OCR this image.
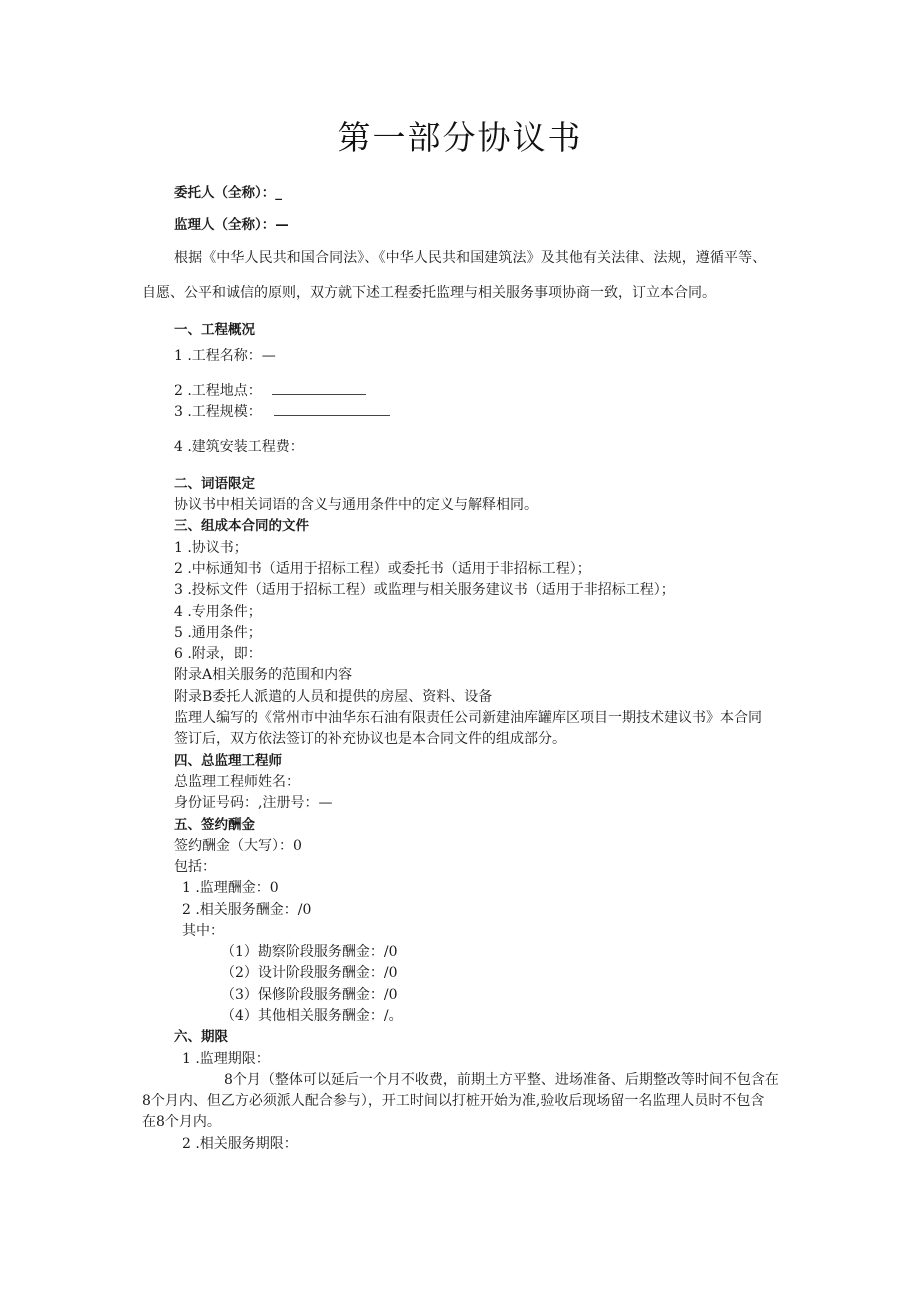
第一部分协议书
委托人（全称）：_
监理人（全称）：—
根据《中华人民共和国合同法》、《中华人民共和国建筑法》及其他有关法律、法规，遵循平等、
自愿、公平和诚信的原则，双方就下述工程委托监理与相关服务事项协商一致，订立本合同。
一、工程概况
1 .工程名称：—
2 .工程地点：
3 .工程规模：
4 .建筑安装工程费：
二、词语限定
协议书中相关词语的含义与通用条件中的定义与解释相同。
三、组成本合同的文件
1 .协议书；
2 .中标通知书（适用于招标工程）或委托书（适用于非招标工程）；
3 .投标文件（适用于招标工程）或监理与相关服务建议书（适用于非招标工程）；
4 .专用条件；
5 .通用条件；
6 .附录，即：
附录A相关服务的范围和内容
附录B委托人派遣的人员和提供的房屋、资料、设备
监理人编写的《常州市中油华东石油有限责任公司新建油库罐库区项目一期技术建议书》本合同
签订后，双方依法签订的补充协议也是本合同文件的组成部分。
四、总监理工程师
总监理工程师姓名：
身份证号码：,注册号：—
五、签约酬金
签约酬金（大写）：0
包括：
1 .监理酬金：0
2 .相关服务酬金：/0
其中：
（1）勘察阶段服务酬金：/0
（2）设计阶段服务酬金：/0
（3）保修阶段服务酬金：/0
（4）其他相关服务酬金：/。
六、期限
1 .监理期限：
8个月（整体可以延后一个月不收费，前期土方平整、进场准备、后期整改等时间不包含在
8个月内、但乙方必须派人配合参与），开工时间以打桩开始为准,验收后现场留一名监理人员时不包含
在8个月内。
2 .相关服务期限：
